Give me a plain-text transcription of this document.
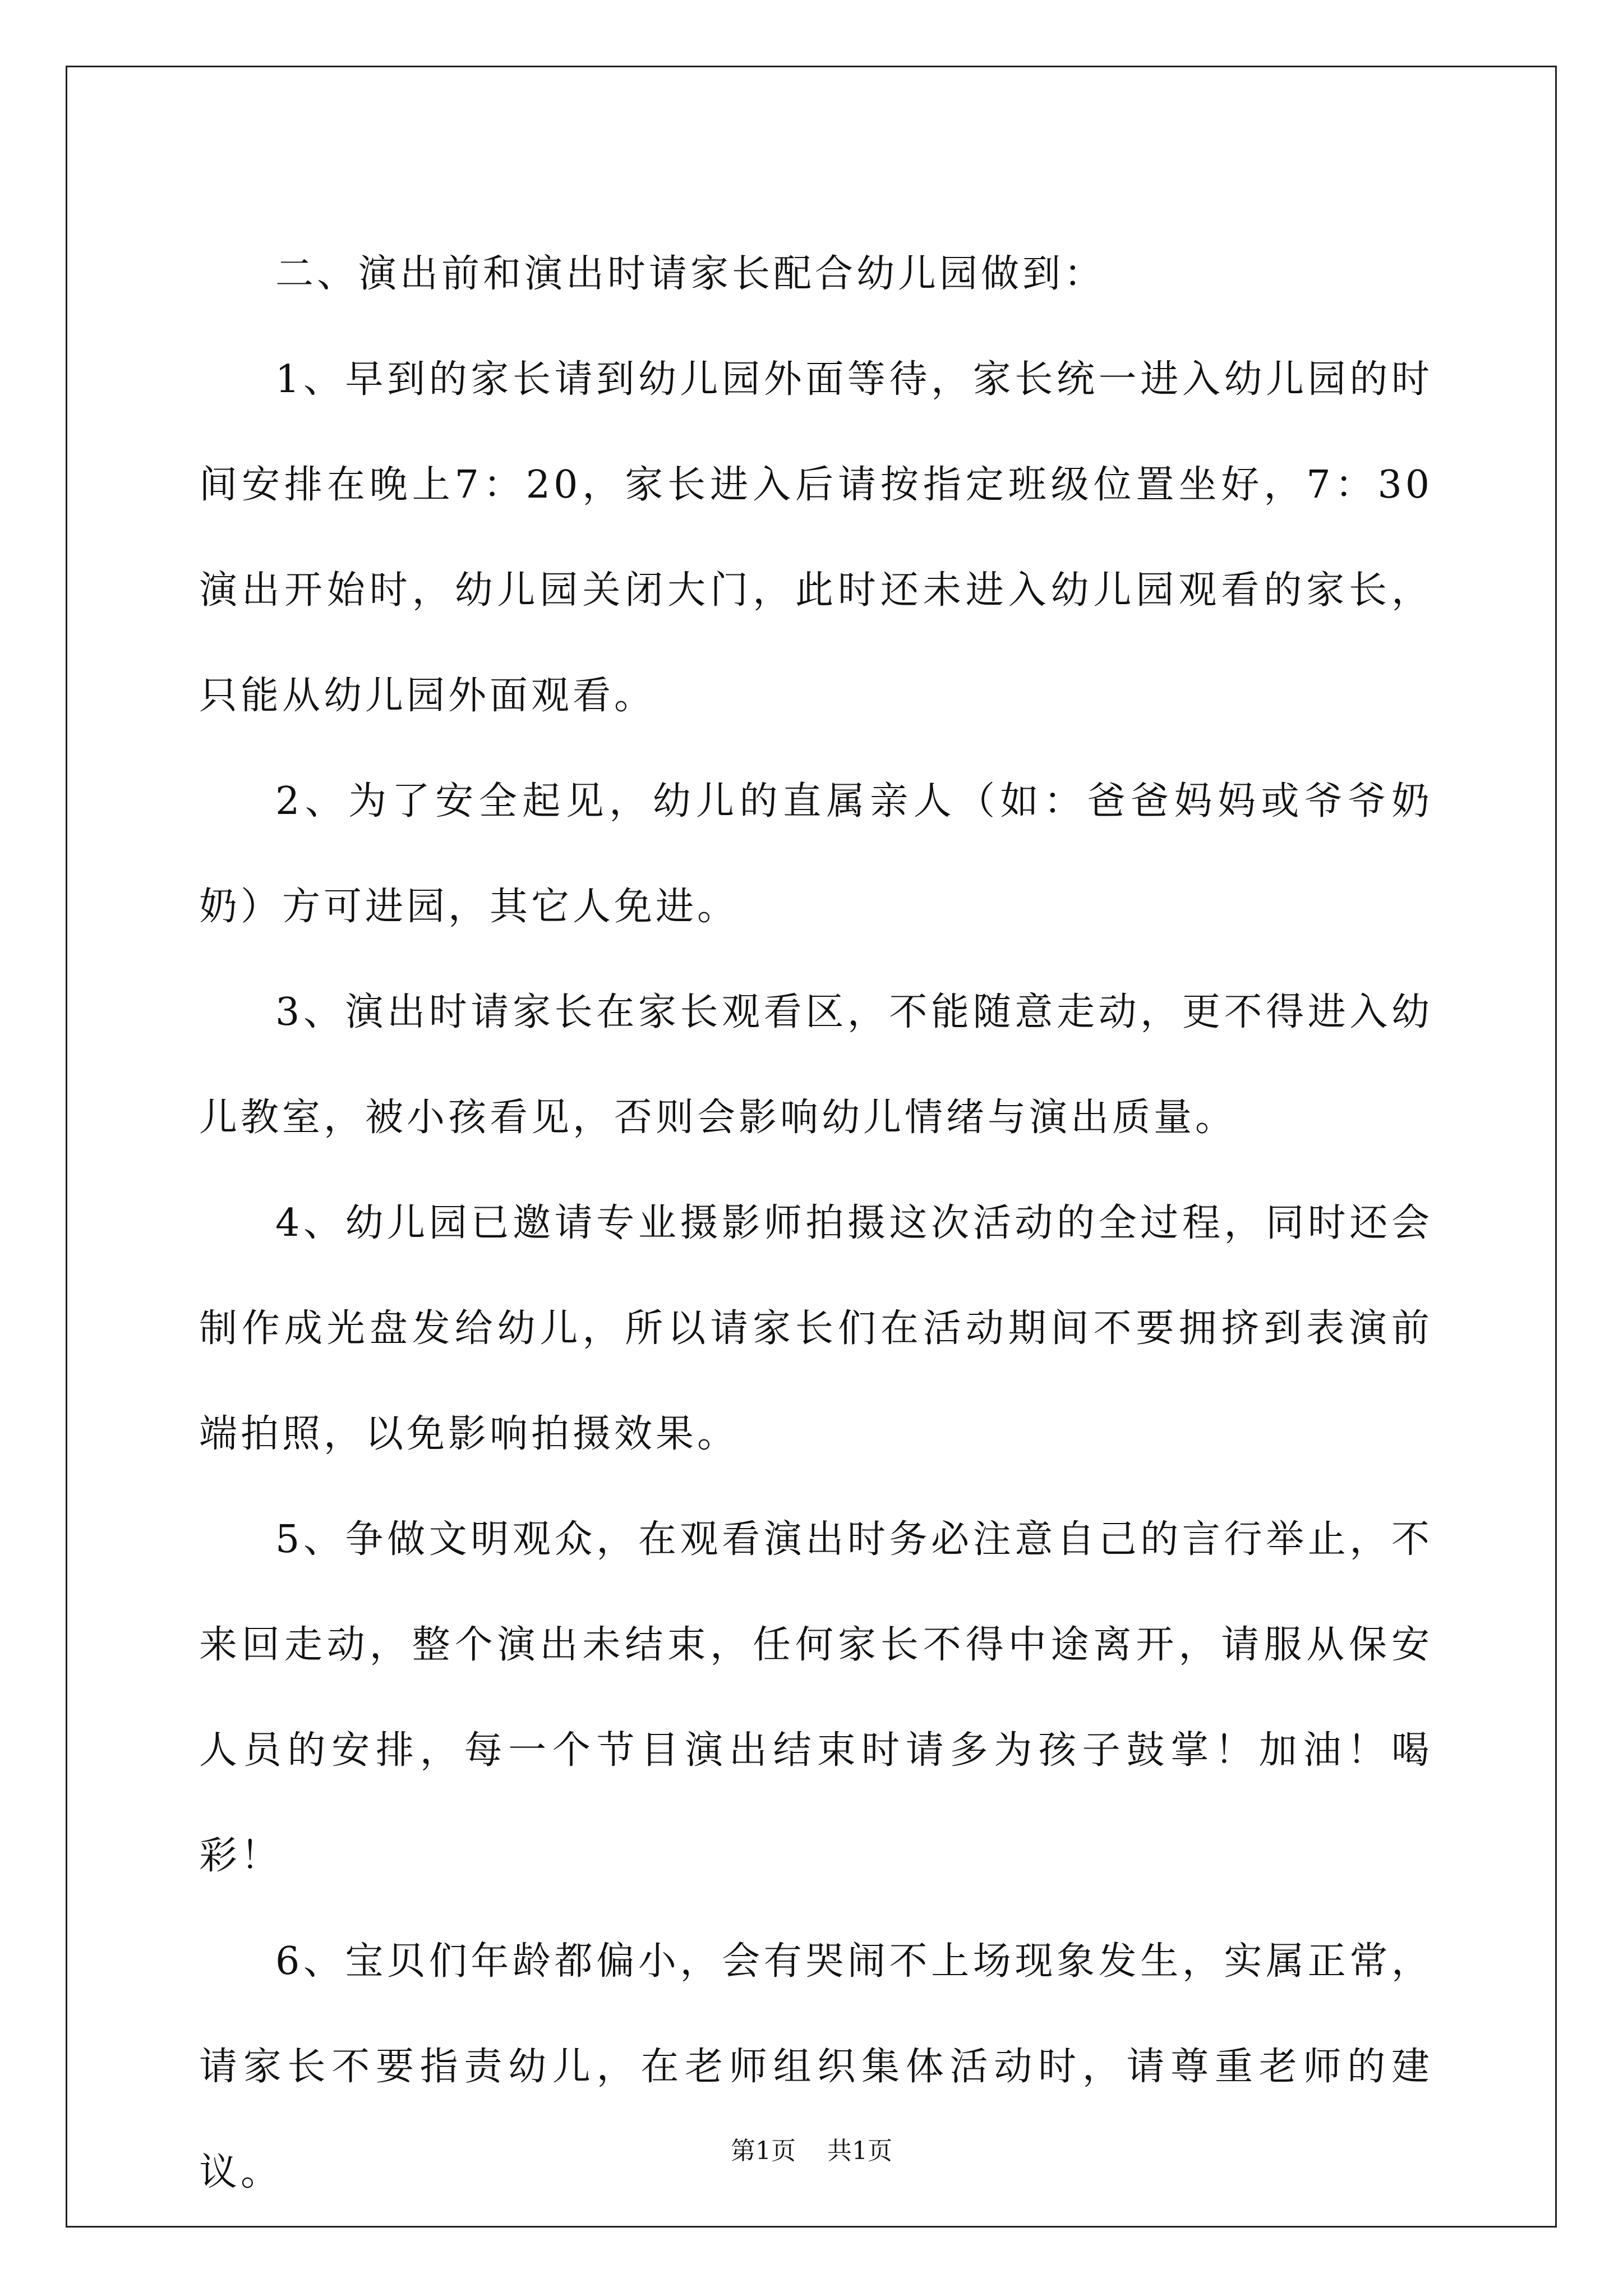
二、演出前和演出时请家长配合幼儿园做到：

1、早到的家长请到幼儿园外面等待，家长统一进入幼儿园的时间安排在晚上7：20，家长进入后请按指定班级位置坐好，7：30演出开始时，幼儿园关闭大门，此时还未进入幼儿园观看的家长，只能从幼儿园外面观看。

2、为了安全起见，幼儿的直属亲人（如：爸爸妈妈或爷爷奶奶）方可进园，其它人免进。

3、演出时请家长在家长观看区，不能随意走动，更不得进入幼儿教室，被小孩看见，否则会影响幼儿情绪与演出质量。

4、幼儿园已邀请专业摄影师拍摄这次活动的全过程，同时还会制作成光盘发给幼儿，所以请家长们在活动期间不要拥挤到表演前端拍照，以免影响拍摄效果。

5、争做文明观众，在观看演出时务必注意自己的言行举止，不来回走动，整个演出未结束，任何家长不得中途离开，请服从保安人员的安排，每一个节目演出结束时请多为孩子鼓掌！加油！喝彩！

6、宝贝们年龄都偏小，会有哭闹不上场现象发生，实属正常，请家长不要指责幼儿，在老师组织集体活动时，请尊重老师的建议。	第1页 共1页
